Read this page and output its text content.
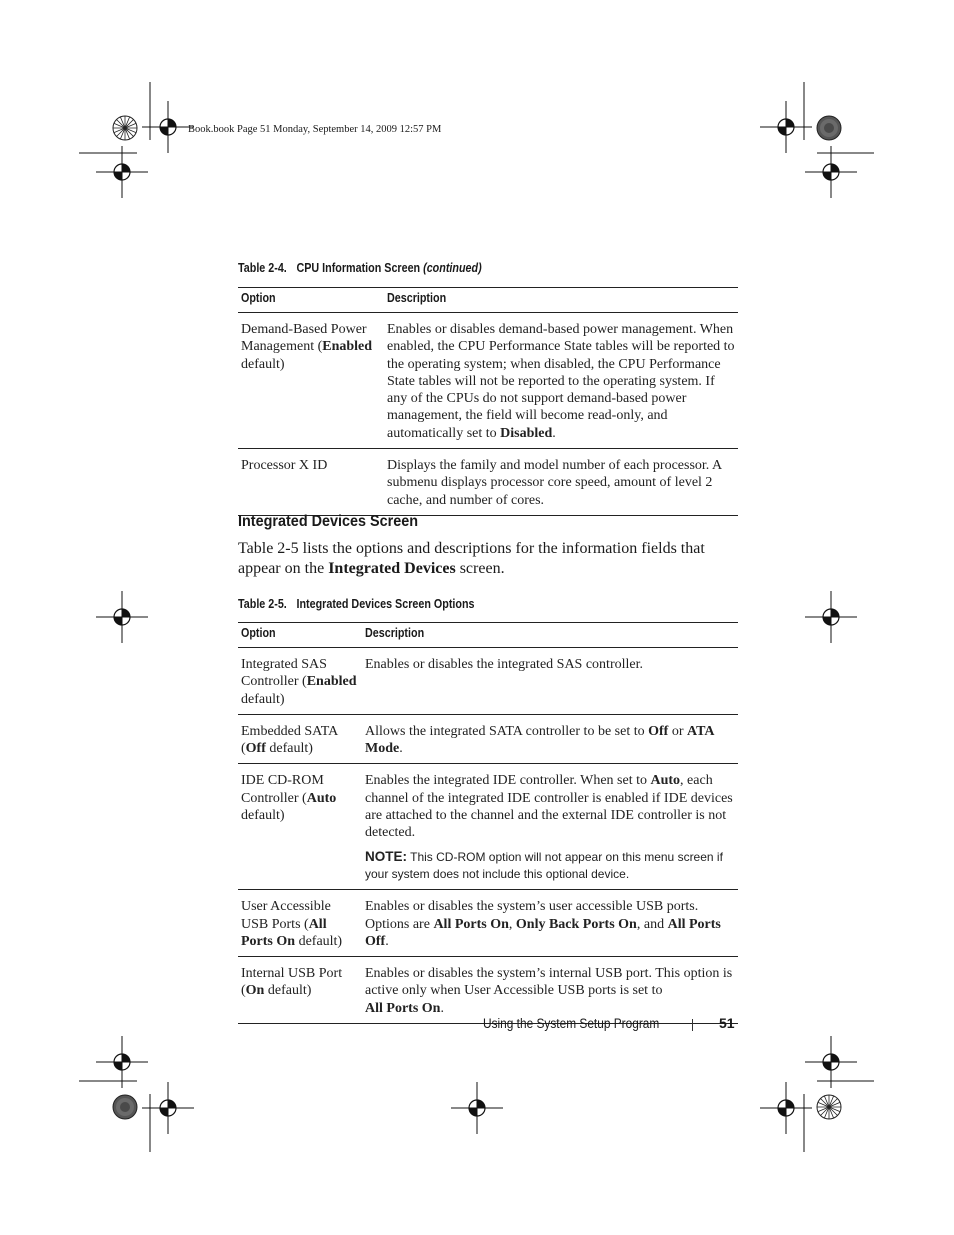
Book.book Page 51 Monday, September 14, 2009 12:57 PM
Table 2-4. CPU Information Screen (continued)
Option	Description
Demand-Based Power Management (Enabled default)	Enables or disables demand-based power management. When enabled, the CPU Performance State tables will be reported to the operating system; when disabled, the CPU Performance State tables will not be reported to the operating system. If any of the CPUs do not support demand-based power management, the field will become read-only, and automatically set to Disabled.
Processor X ID	Displays the family and model number of each processor. A submenu displays processor core speed, amount of level 2 cache, and number of cores.
Integrated Devices Screen
Table 2-5 lists the options and descriptions for the information fields that appear on the Integrated Devices screen.
Table 2-5. Integrated Devices Screen Options
Option	Description
Integrated SAS Controller (Enabled default)	Enables or disables the integrated SAS controller.
Embedded SATA (Off default)	Allows the integrated SATA controller to be set to Off or ATA Mode.
IDE CD-ROM Controller (Auto default)	Enables the integrated IDE controller. When set to Auto, each channel of the integrated IDE controller is enabled if IDE devices are attached to the channel and the external IDE controller is not detected.
NOTE: This CD-ROM option will not appear on this menu screen if your system does not include this optional device.

User Accessible USB Ports (All Ports On default)	Enables or disables the system’s user accessible USB ports. Options are All Ports On, Only Back Ports On, and All Ports Off.
Internal USB Port (On default)	Enables or disables the system’s internal USB port. This option is active only when User Accessible USB ports is set to All Ports On.
Using the System Setup Program	51
